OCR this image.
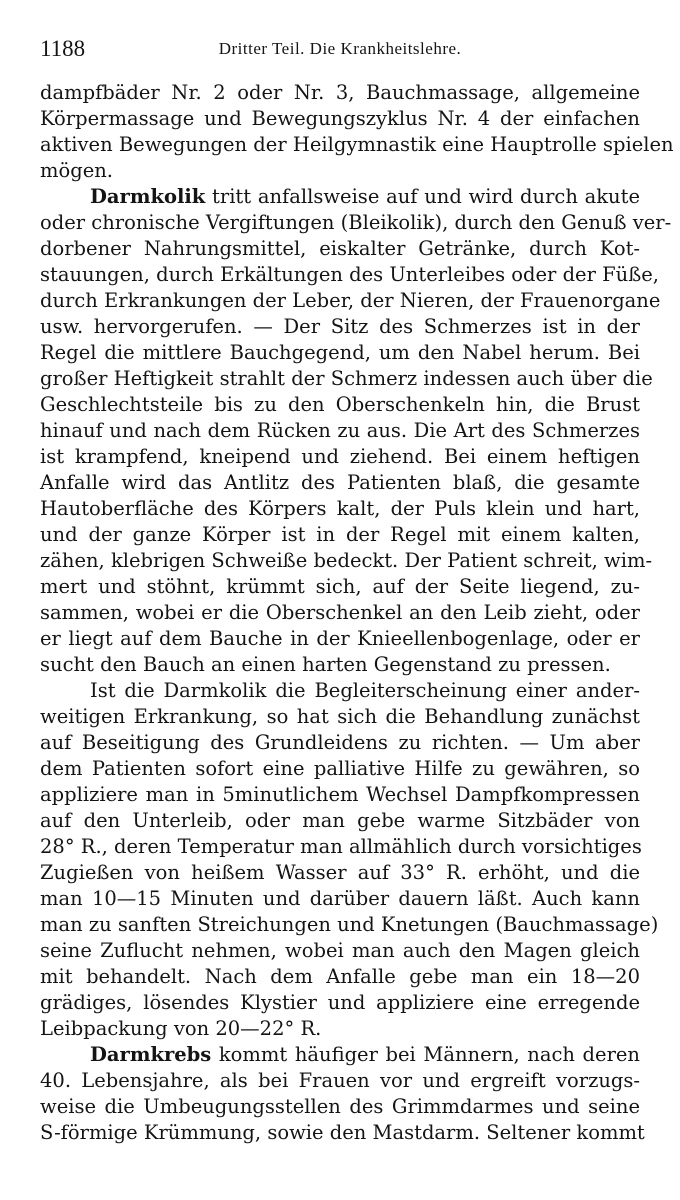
1188	Dritter Teil. Die Krankheitslehre.
dampfbäder Nr. 2 oder Nr. 3, Bauchmassage, allgemeine
Körpermassage und Bewegungszyklus Nr. 4 der einfachen
aktiven Bewegungen der Heilgymnastik eine Hauptrolle spielen
mögen.
Darmkolik tritt anfallsweise auf und wird durch akute
oder chronische Vergiftungen (Bleikolik), durch den Genuß ver-
dorbener Nahrungsmittel, eiskalter Getränke, durch Kot-
stauungen, durch Erkältungen des Unterleibes oder der Füße,
durch Erkrankungen der Leber, der Nieren, der Frauenorgane
usw. hervorgerufen. — Der Sitz des Schmerzes ist in der
Regel die mittlere Bauchgegend, um den Nabel herum. Bei
großer Heftigkeit strahlt der Schmerz indessen auch über die
Geschlechtsteile bis zu den Oberschenkeln hin, die Brust
hinauf und nach dem Rücken zu aus. Die Art des Schmerzes
ist krampfend, kneipend und ziehend. Bei einem heftigen
Anfalle wird das Antlitz des Patienten blaß, die gesamte
Hautoberfläche des Körpers kalt, der Puls klein und hart,
und der ganze Körper ist in der Regel mit einem kalten,
zähen, klebrigen Schweiße bedeckt. Der Patient schreit, wim-
mert und stöhnt, krümmt sich, auf der Seite liegend, zu-
sammen, wobei er die Oberschenkel an den Leib zieht, oder
er liegt auf dem Bauche in der Knieellenbogenlage, oder er
sucht den Bauch an einen harten Gegenstand zu pressen.
Ist die Darmkolik die Begleiterscheinung einer ander-
weitigen Erkrankung, so hat sich die Behandlung zunächst
auf Beseitigung des Grundleidens zu richten. — Um aber
dem Patienten sofort eine palliative Hilfe zu gewähren, so
appliziere man in 5minutlichem Wechsel Dampfkompressen
auf den Unterleib, oder man gebe warme Sitzbäder von
28° R., deren Temperatur man allmählich durch vorsichtiges
Zugießen von heißem Wasser auf 33° R. erhöht, und die
man 10—15 Minuten und darüber dauern läßt. Auch kann
man zu sanften Streichungen und Knetungen (Bauchmassage)
seine Zuflucht nehmen, wobei man auch den Magen gleich
mit behandelt. Nach dem Anfalle gebe man ein 18—20
grädiges, lösendes Klystier und appliziere eine erregende
Leibpackung von 20—22° R.
Darmkrebs kommt häufiger bei Männern, nach deren
40. Lebensjahre, als bei Frauen vor und ergreift vorzugs-
weise die Umbeugungsstellen des Grimmdarmes und seine
S-förmige Krümmung, sowie den Mastdarm. Seltener kommt
